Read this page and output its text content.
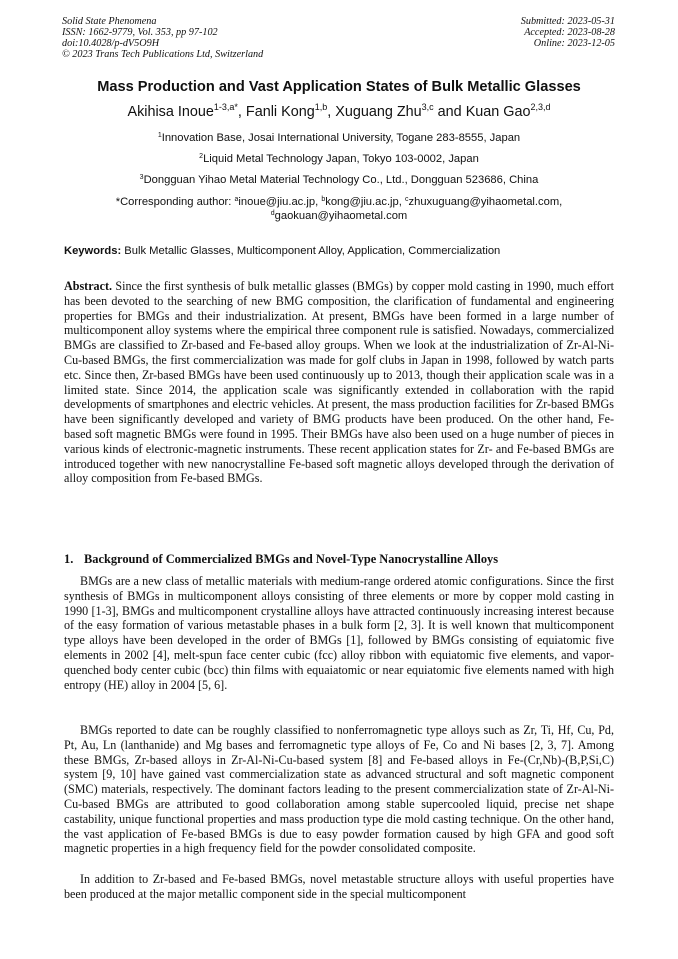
Solid State Phenomena
ISSN: 1662-9779, Vol. 353, pp 97-102
doi:10.4028/p-dV5O9H
© 2023 Trans Tech Publications Ltd, Switzerland
Submitted: 2023-05-31
Accepted: 2023-08-28
Online: 2023-12-05
Mass Production and Vast Application States of Bulk Metallic Glasses
Akihisa Inoue$^{1-3,a*}$, Fanli Kong$^{1,b}$, Xuguang Zhu$^{3,c}$ and Kuan Gao$^{2,3,d}$
$^1$Innovation Base, Josai International University, Togane 283-8555, Japan
$^2$Liquid Metal Technology Japan, Tokyo 103-0002, Japan
$^3$Dongguan Yihao Metal Material Technology Co., Ltd., Dongguan 523686, China
*Corresponding author: $^a$inoue@jiu.ac.jp, $^b$kong@jiu.ac.jp, $^c$zhuxuguang@yihaometal.com,
$^d$gaokuan@yihaometal.com
Keywords: Bulk Metallic Glasses, Multicomponent Alloy, Application, Commercialization

Abstract. Since the first synthesis of bulk metallic glasses (BMGs) by copper mold casting in 1990, much effort has been devoted to the searching of new BMG composition, the clarification of fundamental and engineering properties for BMGs and their industrialization. At present, BMGs have been formed in a large number of multicomponent alloy systems where the empirical three component rule is satisfied. Nowadays, commercialized BMGs are classified to Zr-based and Fe-based alloy groups. When we look at the industrialization of Zr-Al-Ni-Cu-based BMGs, the first commercialization was made for golf clubs in Japan in 1998, followed by watch parts etc. Since then, Zr-based BMGs have been used continuously up to 2013, though their application scale was in a limited state. Since 2014, the application scale was significantly extended in collaboration with the rapid developments of smartphones and electric vehicles. At present, the mass production facilities for Zr-based BMGs have been significantly developed and variety of BMG products have been produced. On the other hand, Fe-based soft magnetic BMGs were found in 1995. Their BMGs have also been used on a huge number of pieces in various kinds of electronic-magnetic instruments. These recent application states for Zr- and Fe-based BMGs are introduced together with new nanocrystalline Fe-based soft magnetic alloys developed through the derivation of alloy composition from Fe-based BMGs.

1. Background of Commercialized BMGs and Novel-Type Nanocrystalline Alloys

BMGs are a new class of metallic materials with medium-range ordered atomic configurations. Since the first synthesis of BMGs in multicomponent alloys consisting of three elements or more by copper mold casting in 1990 [1-3], BMGs and multicomponent crystalline alloys have attracted continuously increasing interest because of the easy formation of various metastable phases in a bulk form [2, 3]. It is well known that multicomponent type alloys have been developed in the order of BMGs [1], followed by BMGs consisting of equiatomic five elements in 2002 [4], melt-spun face center cubic (fcc) alloy ribbon with equiatomic five elements, and vapor-quenched body center cubic (bcc) thin films with equaiatomic or near equiatomic five elements named with high entropy (HE) alloy in 2004 [5, 6].

BMGs reported to date can be roughly classified to nonferromagnetic type alloys such as Zr, Ti, Hf, Cu, Pd, Pt, Au, Ln (lanthanide) and Mg bases and ferromagnetic type alloys of Fe, Co and Ni bases [2, 3, 7]. Among these BMGs, Zr-based alloys in Zr-Al-Ni-Cu-based system [8] and Fe-based alloys in Fe-(Cr,Nb)-(B,P,Si,C) system [9, 10] have gained vast commercialization state as advanced structural and soft magnetic component (SMC) materials, respectively. The dominant factors leading to the present commercialization state of Zr-Al-Ni-Cu-based BMGs are attributed to good collaboration among stable supercooled liquid, precise net shape castability, unique functional properties and mass production type die mold casting technique. On the other hand, the vast application of Fe-based BMGs is due to easy powder formation caused by high GFA and good soft magnetic properties in a high frequency field for the powder consolidated composite.

In addition to Zr-based and Fe-based BMGs, novel metastable structure alloys with useful properties have been produced at the major metallic component side in the special multicomponent
